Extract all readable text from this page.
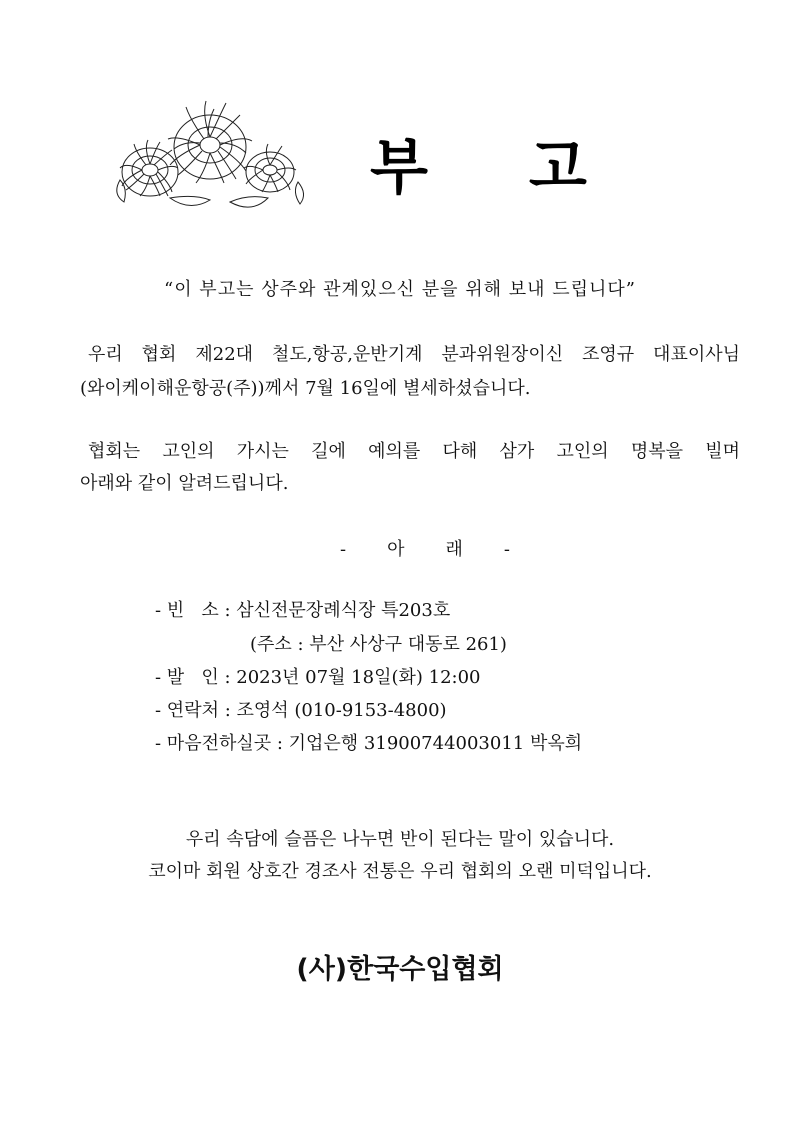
부 고
“이 부고는 상주와 관계있으신 분을 위해 보내 드립니다”
우리 협회 제22대 철도,항공,운반기계 분과위원장이신 조영규 대표이사님
(와이케이해운항공(주))께서 7월 16일에 별세하셨습니다.
협회는 고인의 가시는 길에 예의를 다해 삼가 고인의 명복을 빌며
아래와 같이 알려드립니다.
- 아 래 -
- 빈   소 : 삼신전문장례식장 특203호
(주소 : 부산 사상구 대동로 261)
- 발   인 : 2023년 07월 18일(화) 12:00
- 연락처 : 조영석 (010-9153-4800)
- 마음전하실곳 : 기업은행 31900744003011 박옥희
우리 속담에 슬픔은 나누면 반이 된다는 말이 있습니다.
코이마 회원 상호간 경조사 전통은 우리 협회의 오랜 미덕입니다.
(사)한국수입협회
